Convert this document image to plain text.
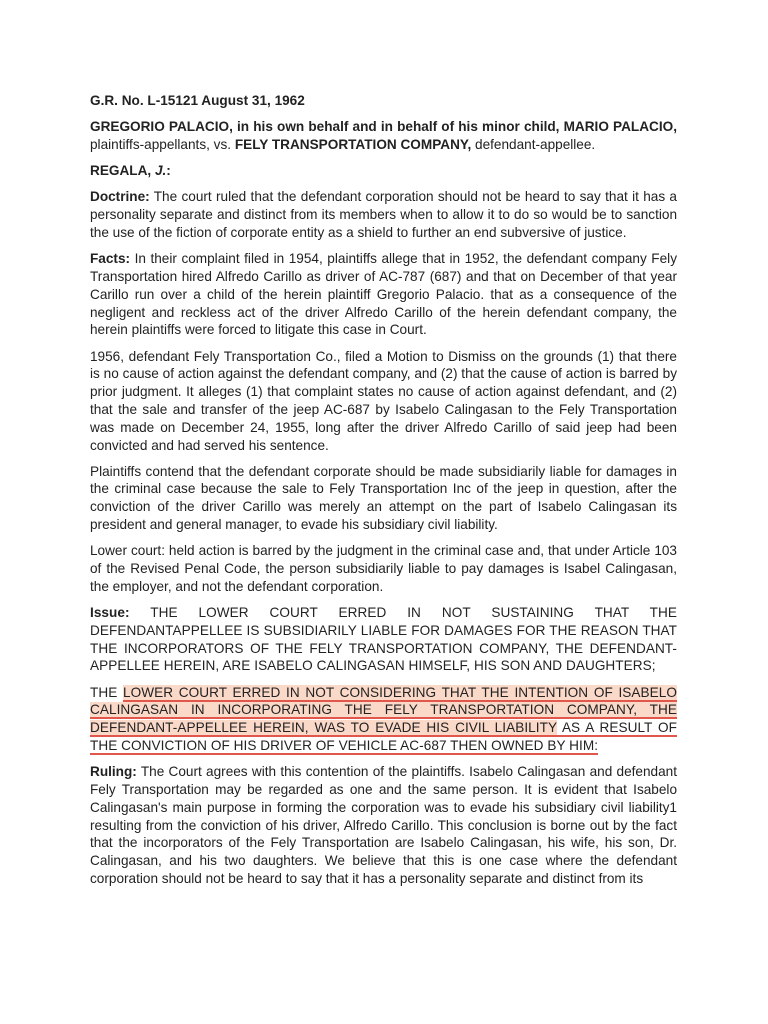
G.R. No. L-15121 August 31, 1962

GREGORIO PALACIO, in his own behalf and in behalf of his minor child, MARIO PALACIO, plaintiffs-appellants, vs. FELY TRANSPORTATION COMPANY, defendant-appellee.

REGALA, J.:

Doctrine: The court ruled that the defendant corporation should not be heard to say that it has a personality separate and distinct from its members when to allow it to do so would be to sanction the use of the fiction of corporate entity as a shield to further an end subversive of justice.

Facts: In their complaint filed in 1954, plaintiffs allege that in 1952, the defendant company Fely Transportation hired Alfredo Carillo as driver of AC-787 (687) and that on December of that year Carillo run over a child of the herein plaintiff Gregorio Palacio. that as a consequence of the negligent and reckless act of the driver Alfredo Carillo of the herein defendant company, the herein plaintiffs were forced to litigate this case in Court.

1956, defendant Fely Transportation Co., filed a Motion to Dismiss on the grounds (1) that there is no cause of action against the defendant company, and (2) that the cause of action is barred by prior judgment. It alleges (1) that complaint states no cause of action against defendant, and (2) that the sale and transfer of the jeep AC-687 by Isabelo Calingasan to the Fely Transportation was made on December 24, 1955, long after the driver Alfredo Carillo of said jeep had been convicted and had served his sentence.

Plaintiffs contend that the defendant corporate should be made subsidiarily liable for damages in the criminal case because the sale to Fely Transportation Inc of the jeep in question, after the conviction of the driver Carillo was merely an attempt on the part of Isabelo Calingasan its president and general manager, to evade his subsidiary civil liability.

Lower court: held action is barred by the judgment in the criminal case and, that under Article 103 of the Revised Penal Code, the person subsidiarily liable to pay damages is Isabel Calingasan, the employer, and not the defendant corporation.

Issue: THE LOWER COURT ERRED IN NOT SUSTAINING THAT THE DEFENDANTAPPELLEE IS SUBSIDIARILY LIABLE FOR DAMAGES FOR THE REASON THAT THE INCORPORATORS OF THE FELY TRANSPORTATION COMPANY, THE DEFENDANT-APPELLEE HEREIN, ARE ISABELO CALINGASAN HIMSELF, HIS SON AND DAUGHTERS;

THE LOWER COURT ERRED IN NOT CONSIDERING THAT THE INTENTION OF ISABELO CALINGASAN IN INCORPORATING THE FELY TRANSPORTATION COMPANY, THE DEFENDANT-APPELLEE HEREIN, WAS TO EVADE HIS CIVIL LIABILITY AS A RESULT OF THE CONVICTION OF HIS DRIVER OF VEHICLE AC-687 THEN OWNED BY HIM:

Ruling: The Court agrees with this contention of the plaintiffs. Isabelo Calingasan and defendant Fely Transportation may be regarded as one and the same person. It is evident that Isabelo Calingasan's main purpose in forming the corporation was to evade his subsidiary civil liability1 resulting from the conviction of his driver, Alfredo Carillo. This conclusion is borne out by the fact that the incorporators of the Fely Transportation are Isabelo Calingasan, his wife, his son, Dr. Calingasan, and his two daughters. We believe that this is one case where the defendant corporation should not be heard to say that it has a personality separate and distinct from its
